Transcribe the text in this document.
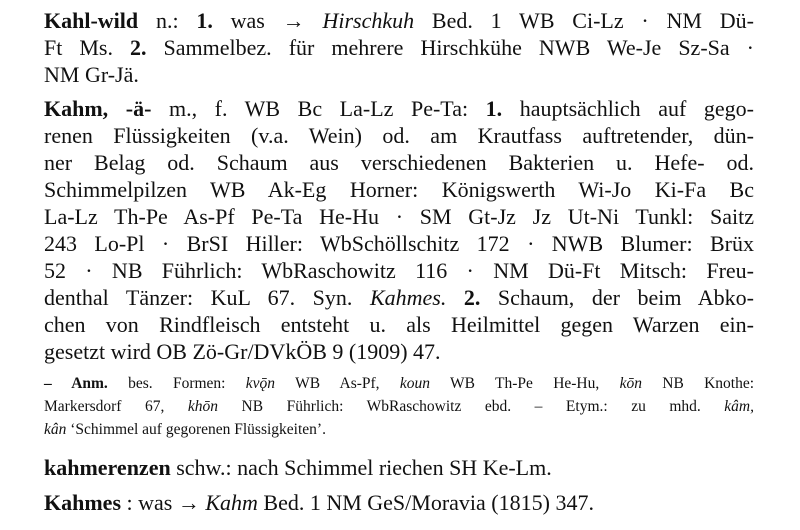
Kahl-wild n.: 1. was → Hirschkuh Bed. 1 WB Ci-Lz · NM Dü-
Ft Ms. 2. Sammelbez. für mehrere Hirschkühe NWB We-Je Sz-Sa ·
NM Gr-Jä.
Kahm, -ä- m., f. WB Bc La-Lz Pe-Ta: 1. hauptsächlich auf gego-
renen Flüssigkeiten (v.a. Wein) od. am Krautfass auftretender, dün-
ner Belag od. Schaum aus verschiedenen Bakterien u. Hefe- od.
Schimmelpilzen WB Ak-Eg Horner: Königswerth Wi-Jo Ki-Fa Bc
La-Lz Th-Pe As-Pf Pe-Ta He-Hu · SM Gt-Jz Jz Ut-Ni Tunkl: Saitz
243 Lo-Pl · BrSI Hiller: WbSchöllschitz 172 · NWB Blumer: Brüx
52 · NB Führlich: WbRaschowitz 116 · NM Dü-Ft Mitsch: Freu-
denthal Tänzer: KuL 67. Syn. Kahmes. 2. Schaum, der beim Abko-
chen von Rindfleisch entsteht u. als Heilmittel gegen Warzen ein-
gesetzt wird OB Zö-Gr/DVkÖB 9 (1909) 47.
– Anm. bes. Formen: kvǭn WB As-Pf, koun WB Th-Pe He-Hu, kōn NB Knothe:
Markersdorf 67, khōn NB Führlich: WbRaschowitz ebd. – Etym.: zu mhd. kâm,
kân ‘Schimmel auf gegorenen Flüssigkeiten’.
kahmerenzen schw.: nach Schimmel riechen SH Ke-Lm.
Kahmes : was → Kahm Bed. 1 NM GeS/Moravia (1815) 347.
